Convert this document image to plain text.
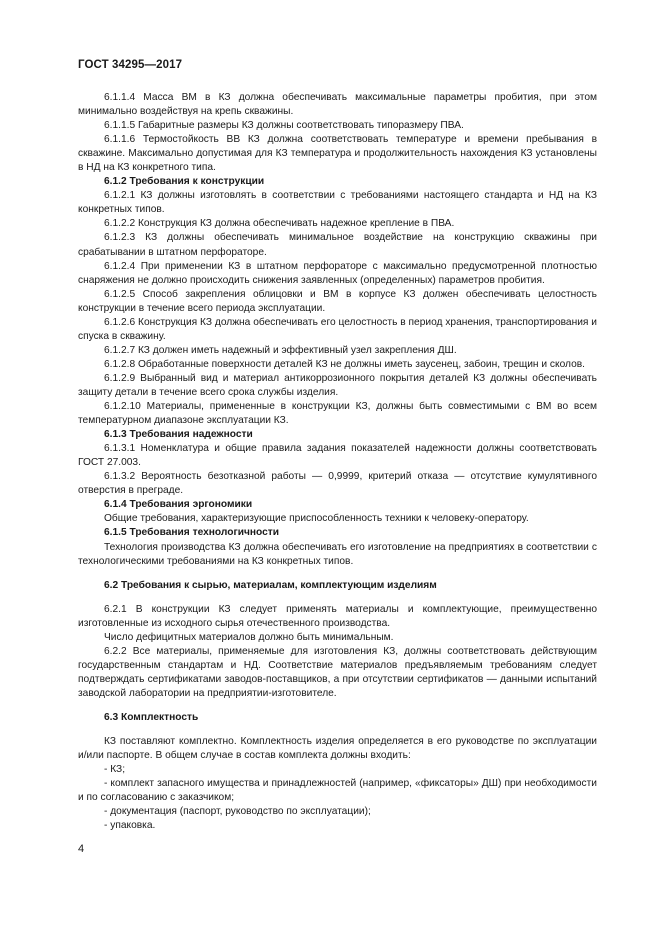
ГОСТ 34295—2017

6.1.1.4 Масса ВМ в КЗ должна обеспечивать максимальные параметры пробития, при этом минимально воздействуя на крепь скважины.

6.1.1.5 Габаритные размеры КЗ должны соответствовать типоразмеру ПВА.

6.1.1.6 Термостойкость ВВ КЗ должна соответствовать температуре и времени пребывания в скважине. Максимально допустимая для КЗ температура и продолжительность нахождения КЗ установлены в НД на КЗ конкретного типа.

6.1.2 Требования к конструкции

6.1.2.1 КЗ должны изготовлять в соответствии с требованиями настоящего стандарта и НД на КЗ конкретных типов.

6.1.2.2 Конструкция КЗ должна обеспечивать надежное крепление в ПВА.

6.1.2.3 КЗ должны обеспечивать минимальное воздействие на конструкцию скважины при срабатывании в штатном перфораторе.

6.1.2.4 При применении КЗ в штатном перфораторе с максимально предусмотренной плотностью снаряжения не должно происходить снижения заявленных (определенных) параметров пробития.

6.1.2.5 Способ закрепления облицовки и ВМ в корпусе КЗ должен обеспечивать целостность конструкции в течение всего периода эксплуатации.

6.1.2.6 Конструкция КЗ должна обеспечивать его целостность в период хранения, транспортирования и спуска в скважину.

6.1.2.7 КЗ должен иметь надежный и эффективный узел закрепления ДШ.

6.1.2.8 Обработанные поверхности деталей КЗ не должны иметь заусенец, забоин, трещин и сколов.

6.1.2.9 Выбранный вид и материал антикоррозионного покрытия деталей КЗ должны обеспечивать защиту детали в течение всего срока службы изделия.

6.1.2.10 Материалы, примененные в конструкции КЗ, должны быть совместимыми с ВМ во всем температурном диапазоне эксплуатации КЗ.

6.1.3 Требования надежности

6.1.3.1 Номенклатура и общие правила задания показателей надежности должны соответствовать ГОСТ 27.003.

6.1.3.2 Вероятность безотказной работы — 0,9999, критерий отказа — отсутствие кумулятивного отверстия в преграде.

6.1.4 Требования эргономики

Общие требования, характеризующие приспособленность техники к человеку-оператору.

6.1.5 Требования технологичности

Технология производства КЗ должна обеспечивать его изготовление на предприятиях в соответствии с технологическими требованиями на КЗ конкретных типов.

6.2 Требования к сырью, материалам, комплектующим изделиям

6.2.1 В конструкции КЗ следует применять материалы и комплектующие, преимущественно изготовленные из исходного сырья отечественного производства.

Число дефицитных материалов должно быть минимальным.

6.2.2 Все материалы, применяемые для изготовления КЗ, должны соответствовать действующим государственным стандартам и НД. Соответствие материалов предъявляемым требованиям следует подтверждать сертификатами заводов-поставщиков, а при отсутствии сертификатов — данными испытаний заводской лаборатории на предприятии-изготовителе.

6.3 Комплектность

КЗ поставляют комплектно. Комплектность изделия определяется в его руководстве по эксплуатации и/или паспорте. В общем случае в состав комплекта должны входить:

- КЗ;

- комплект запасного имущества и принадлежностей (например, «фиксаторы» ДШ) при необходимости и по согласованию с заказчиком;

- документация (паспорт, руководство по эксплуатации);

- упаковка.

4
